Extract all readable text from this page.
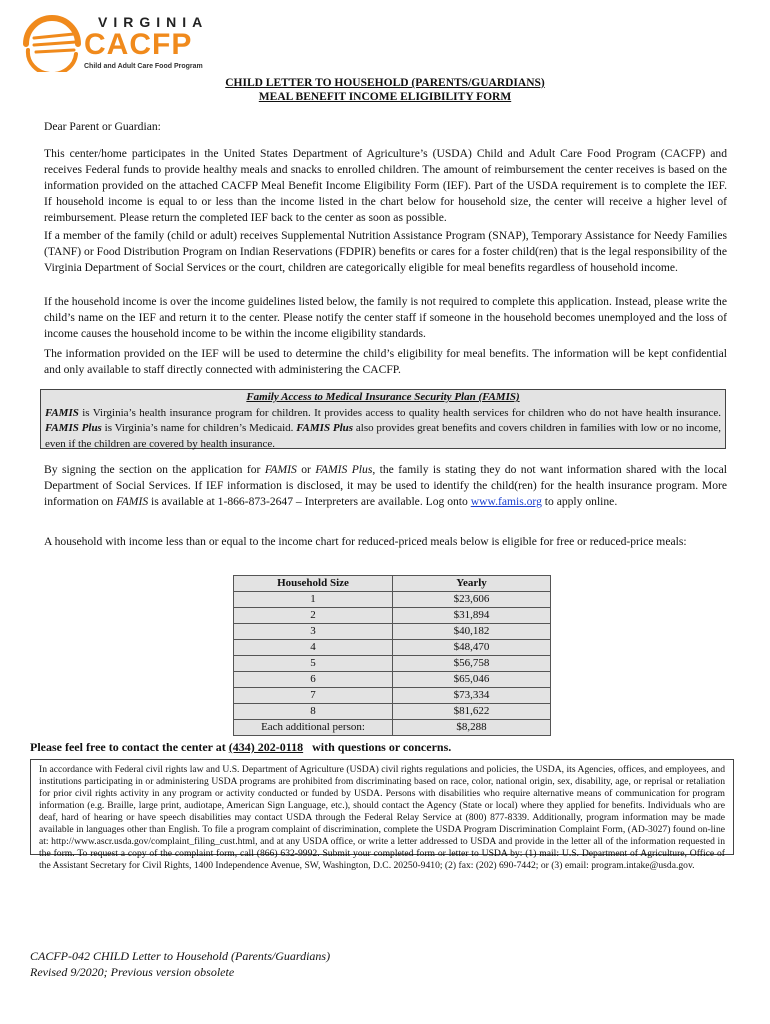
VIRGINIA
CACFP
Child and Adult Care Food Program
CHILD LETTER TO HOUSEHOLD (PARENTS/GUARDIANS)
MEAL BENEFIT INCOME ELIGIBILITY FORM
Dear Parent or Guardian:
This center/home participates in the United States Department of Agriculture’s (USDA) Child and Adult Care Food Program (CACFP) and receives Federal funds to provide healthy meals and snacks to enrolled children. The amount of reimbursement the center receives is based on the information provided on the attached CACFP Meal Benefit Income Eligibility Form (IEF). Part of the USDA requirement is to complete the IEF. If household income is equal to or less than the income listed in the chart below for household size, the center will receive a higher level of reimbursement. Please return the completed IEF back to the center as soon as possible.
If a member of the family (child or adult) receives Supplemental Nutrition Assistance Program (SNAP), Temporary Assistance for Needy Families (TANF) or Food Distribution Program on Indian Reservations (FDPIR) benefits or cares for a foster child(ren) that is the legal responsibility of the Virginia Department of Social Services or the court, children are categorically eligible for meal benefits regardless of household income.
If the household income is over the income guidelines listed below, the family is not required to complete this application. Instead, please write the child’s name on the IEF and return it to the center. Please notify the center staff if someone in the household becomes unemployed and the loss of income causes the household income to be within the income eligibility standards.
The information provided on the IEF will be used to determine the child’s eligibility for meal benefits. The information will be kept confidential and only available to staff directly connected with administering the CACFP.
Family Access to Medical Insurance Security Plan (FAMIS)

FAMIS is Virginia’s health insurance program for children. It provides access to quality health services for children who do not have health insurance. FAMIS Plus is Virginia’s name for children’s Medicaid. FAMIS Plus also provides great benefits and covers children in families with low or no income, even if the children are covered by health insurance.

By signing the section on the application for FAMIS or FAMIS Plus, the family is stating they do not want information shared with the local Department of Social Services. If IEF information is disclosed, it may be used to identify the child(ren) for the health insurance program. More information on FAMIS is available at 1-866-873-2647 – Interpreters are available. Log onto www.famis.org to apply online.
A household with income less than or equal to the income chart for reduced-priced meals below is eligible for free or reduced-price meals:
Household Size	Yearly
1	$23,606
2	$31,894
3	$40,182
4	$48,470
5	$56,758
6	$65,046
7	$73,334
8	$81,622
Each additional person:	$8,288
Please feel free to contact the center at (434) 202-0118   with questions or concerns.
In accordance with Federal civil rights law and U.S. Department of Agriculture (USDA) civil rights regulations and policies, the USDA, its Agencies, offices, and employees, and institutions participating in or administering USDA programs are prohibited from discriminating based on race, color, national origin, sex, disability, age, or reprisal or retaliation for prior civil rights activity in any program or activity conducted or funded by USDA. Persons with disabilities who require alternative means of communication for program information (e.g. Braille, large print, audiotape, American Sign Language, etc.), should contact the Agency (State or local) where they applied for benefits. Individuals who are deaf, hard of hearing or have speech disabilities may contact USDA through the Federal Relay Service at (800) 877-8339. Additionally, program information may be made available in languages other than English. To file a program complaint of discrimination, complete the USDA Program Discrimination Complaint Form, (AD-3027) found on-line at: http://www.ascr.usda.gov/complaint_filing_cust.html, and at any USDA office, or write a letter addressed to USDA and provide in the letter all of the information requested in the form. To request a copy of the complaint form, call (866) 632-9992. Submit your completed form or letter to USDA by: (1) mail: U.S. Department of Agriculture, Office of the Assistant Secretary for Civil Rights, 1400 Independence Avenue, SW, Washington, D.C. 20250-9410; (2) fax: (202) 690-7442; or (3) email: program.intake@usda.gov.
CACFP-042 CHILD Letter to Household (Parents/Guardians)
Revised 9/2020; Previous version obsolete
